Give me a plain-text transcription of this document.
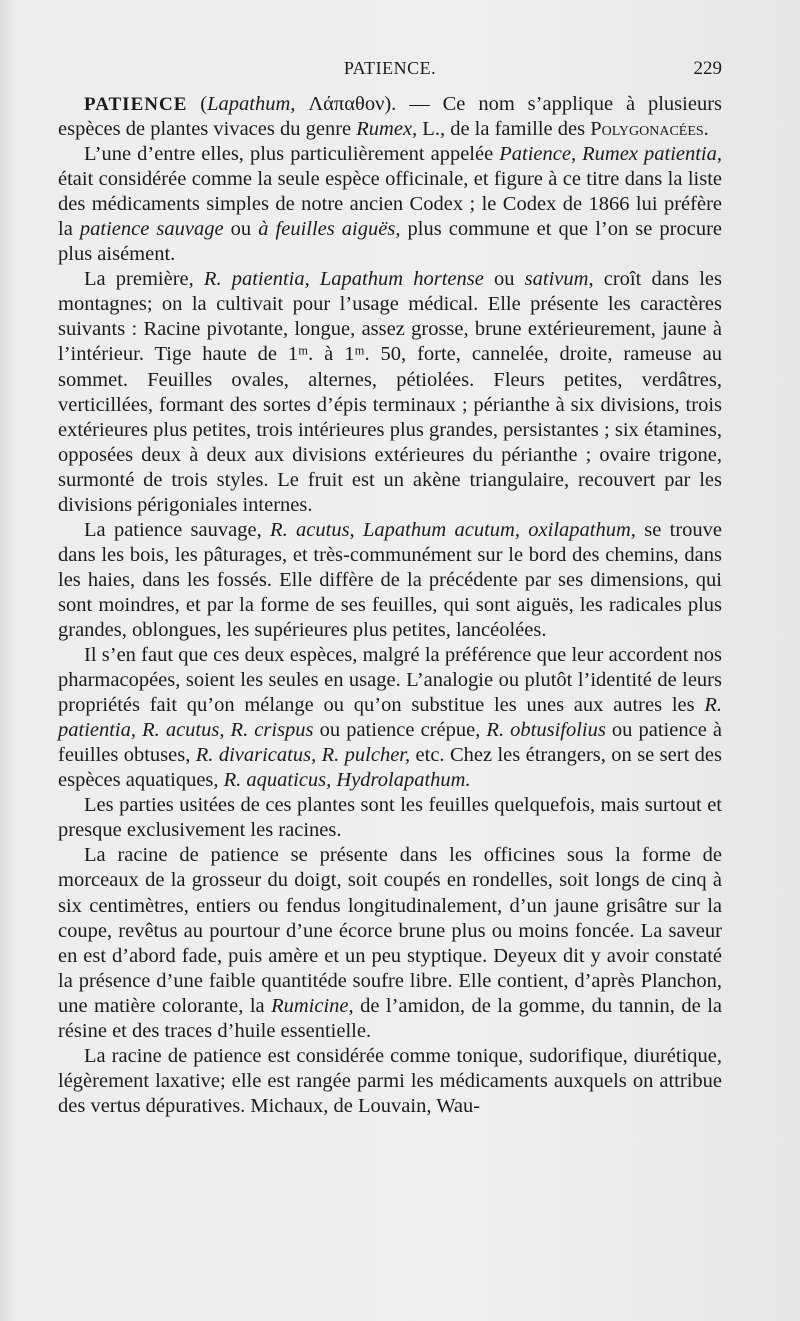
PATIENCE.	229

PATIENCE (Lapathum, Λάπαθον). — Ce nom s’applique à plusieurs espèces de plantes vivaces du genre Rumex, L., de la famille des Polygonacées.

L’une d’entre elles, plus particulièrement appelée Patience, Rumex patientia, était considérée comme la seule espèce officinale, et figure à ce titre dans la liste des médicaments simples de notre ancien Codex ; le Codex de 1866 lui préfère la patience sauvage ou à feuilles aiguës, plus commune et que l’on se procure plus aisément.

La première, R. patientia, Lapathum hortense ou sativum, croît dans les montagnes; on la cultivait pour l’usage médical. Elle présente les caractères suivants : Racine pivotante, longue, assez grosse, brune extérieurement, jaune à l’intérieur. Tige haute de 1ᵐ. à 1ᵐ. 50, forte, cannelée, droite, rameuse au sommet. Feuilles ovales, alternes, pétiolées. Fleurs petites, verdâtres, verticillées, formant des sortes d’épis terminaux ; périanthe à six divisions, trois extérieures plus petites, trois intérieures plus grandes, persistantes ; six étamines, opposées deux à deux aux divisions extérieures du périanthe ; ovaire trigone, surmonté de trois styles. Le fruit est un akène triangulaire, recouvert par les divisions périgoniales internes.

La patience sauvage, R. acutus, Lapathum acutum, oxilapathum, se trouve dans les bois, les pâturages, et très-communément sur le bord des chemins, dans les haies, dans les fossés. Elle diffère de la précédente par ses dimensions, qui sont moindres, et par la forme de ses feuilles, qui sont aiguës, les radicales plus grandes, oblongues, les supérieures plus petites, lancéolées.

Il s’en faut que ces deux espèces, malgré la préférence que leur accordent nos pharmacopées, soient les seules en usage. L’analogie ou plutôt l’identité de leurs propriétés fait qu’on mélange ou qu’on substitue les unes aux autres les R. patientia, R. acutus, R. crispus ou patience crépue, R. obtusifolius ou patience à feuilles obtuses, R. divaricatus, R. pulcher, etc. Chez les étrangers, on se sert des espèces aquatiques, R. aquaticus, Hydrolapathum.

Les parties usitées de ces plantes sont les feuilles quelquefois, mais surtout et presque exclusivement les racines.

La racine de patience se présente dans les officines sous la forme de morceaux de la grosseur du doigt, soit coupés en rondelles, soit longs de cinq à six centimètres, entiers ou fendus longitudinalement, d’un jaune grisâtre sur la coupe, revêtus au pourtour d’une écorce brune plus ou moins foncée. La saveur en est d’abord fade, puis amère et un peu styptique. Deyeux dit y avoir constaté la présence d’une faible quantitéde soufre libre. Elle contient, d’après Planchon, une matière colorante, la Rumicine, de l’amidon, de la gomme, du tannin, de la résine et des traces d’huile essentielle.

La racine de patience est considérée comme tonique, sudorifique, diurétique, légèrement laxative; elle est rangée parmi les médicaments auxquels on attribue des vertus dépuratives. Michaux, de Louvain, Wau-
